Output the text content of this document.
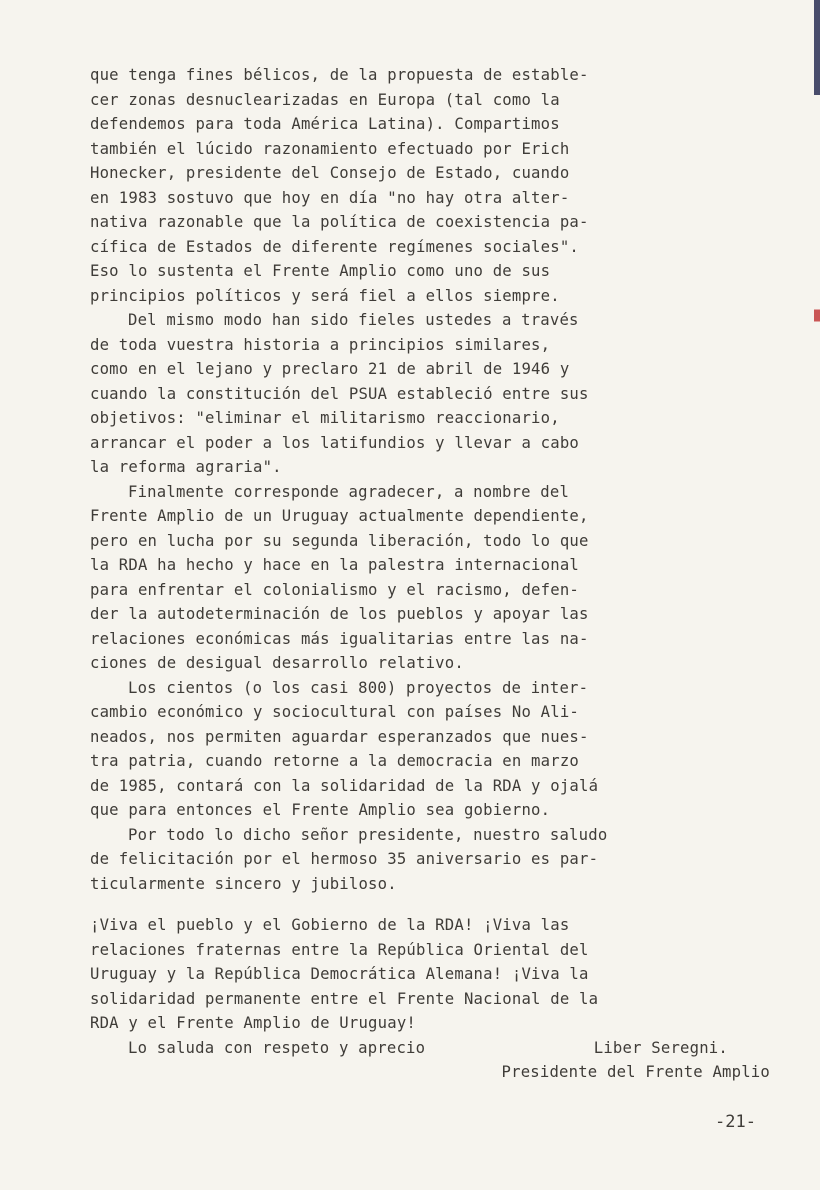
que tenga fines bélicos, de la propuesta de estable-
cer zonas desnuclearizadas en Europa (tal como la
defendemos para toda América Latina). Compartimos
también el lúcido razonamiento efectuado por Erich
Honecker, presidente del Consejo de Estado, cuando
en 1983 sostuvo que hoy en día "no hay otra alter-
nativa razonable que la política de coexistencia pa-
cífica de Estados de diferente regímenes sociales".
Eso lo sustenta el Frente Amplio como uno de sus
principios políticos y será fiel a ellos siempre.
Del mismo modo han sido fieles ustedes a través
de toda vuestra historia a principios similares,
como en el lejano y preclaro 21 de abril de 1946 y
cuando la constitución del PSUA estableció entre sus
objetivos: "eliminar el militarismo reaccionario,
arrancar el poder a los latifundios y llevar a cabo
la reforma agraria".
Finalmente corresponde agradecer, a nombre del
Frente Amplio de un Uruguay actualmente dependiente,
pero en lucha por su segunda liberación, todo lo que
la RDA ha hecho y hace en la palestra internacional
para enfrentar el colonialismo y el racismo, defen-
der la autodeterminación de los pueblos y apoyar las
relaciones económicas más igualitarias entre las na-
ciones de desigual desarrollo relativo.
Los cientos (o los casi 800) proyectos de inter-
cambio económico y sociocultural con países No Ali-
neados, nos permiten aguardar esperanzados que nues-
tra patria, cuando retorne a la democracia en marzo
de 1985, contará con la solidaridad de la RDA y ojalá
que para entonces el Frente Amplio sea gobierno.
Por todo lo dicho señor presidente, nuestro saludo
de felicitación por el hermoso 35 aniversario es par-
ticularmente sincero y jubiloso.
¡Viva el pueblo y el Gobierno de la RDA! ¡Viva las
relaciones fraternas entre la República Oriental del
Uruguay y la República Democrática Alemana! ¡Viva la
solidaridad permanente entre el Frente Nacional de la
RDA y el Frente Amplio de Uruguay!
Lo saluda con respeto y aprecio	Liber Seregni.
Presidente del Frente Amplio
-21-
